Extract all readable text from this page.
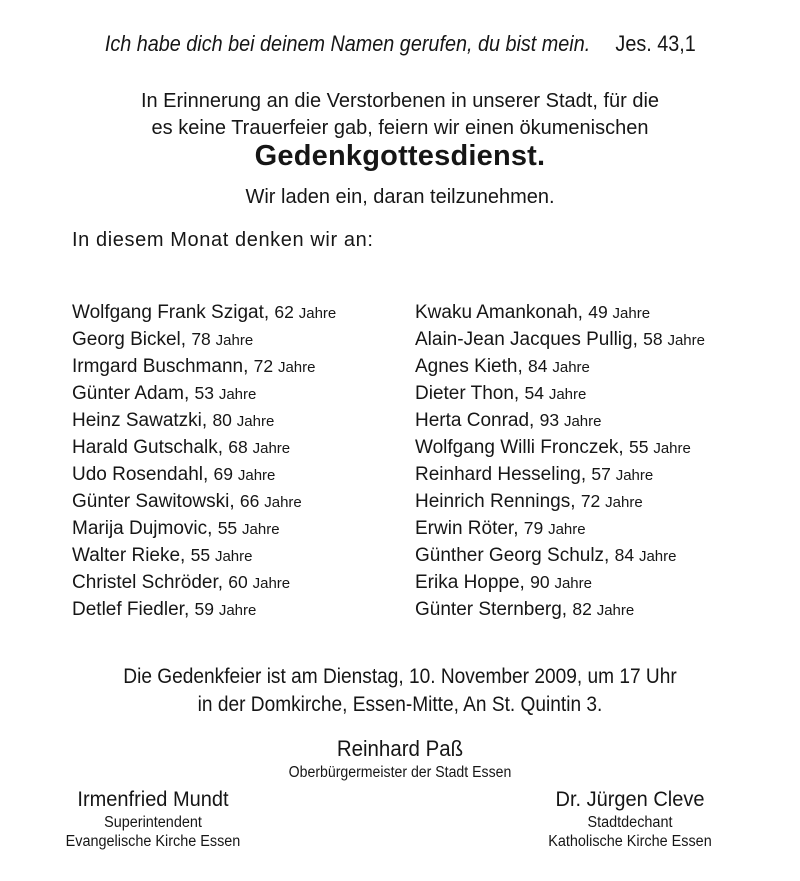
Ich habe dich bei deinem Namen gerufen, du bist mein. Jes. 43,1
In Erinnerung an die Verstorbenen in unserer Stadt, für die
es keine Trauerfeier gab, feiern wir einen ökumenischen
Gedenkgottesdienst.
Wir laden ein, daran teilzunehmen.
In diesem Monat denken wir an:
Wolfgang Frank Szigat, 62 Jahre
Georg Bickel, 78 Jahre
Irmgard Buschmann, 72 Jahre
Günter Adam, 53 Jahre
Heinz Sawatzki, 80 Jahre
Harald Gutschalk, 68 Jahre
Udo Rosendahl, 69 Jahre
Günter Sawitowski, 66 Jahre
Marija Dujmovic, 55 Jahre
Walter Rieke, 55 Jahre
Christel Schröder, 60 Jahre
Detlef Fiedler, 59 Jahre
Kwaku Amankonah, 49 Jahre
Alain-Jean Jacques Pullig, 58 Jahre
Agnes Kieth, 84 Jahre
Dieter Thon, 54 Jahre
Herta Conrad, 93 Jahre
Wolfgang Willi Fronczek, 55 Jahre
Reinhard Hesseling, 57 Jahre
Heinrich Rennings, 72 Jahre
Erwin Röter, 79 Jahre
Günther Georg Schulz, 84 Jahre
Erika Hoppe, 90 Jahre
Günter Sternberg, 82 Jahre
Die Gedenkfeier ist am Dienstag, 10. November 2009, um 17 Uhr
in der Domkirche, Essen-Mitte, An St. Quintin 3.
Reinhard Paß
Oberbürgermeister der Stadt Essen
Irmenfried Mundt
Superintendent
Evangelische Kirche Essen
Dr. Jürgen Cleve
Stadtdechant
Katholische Kirche Essen
